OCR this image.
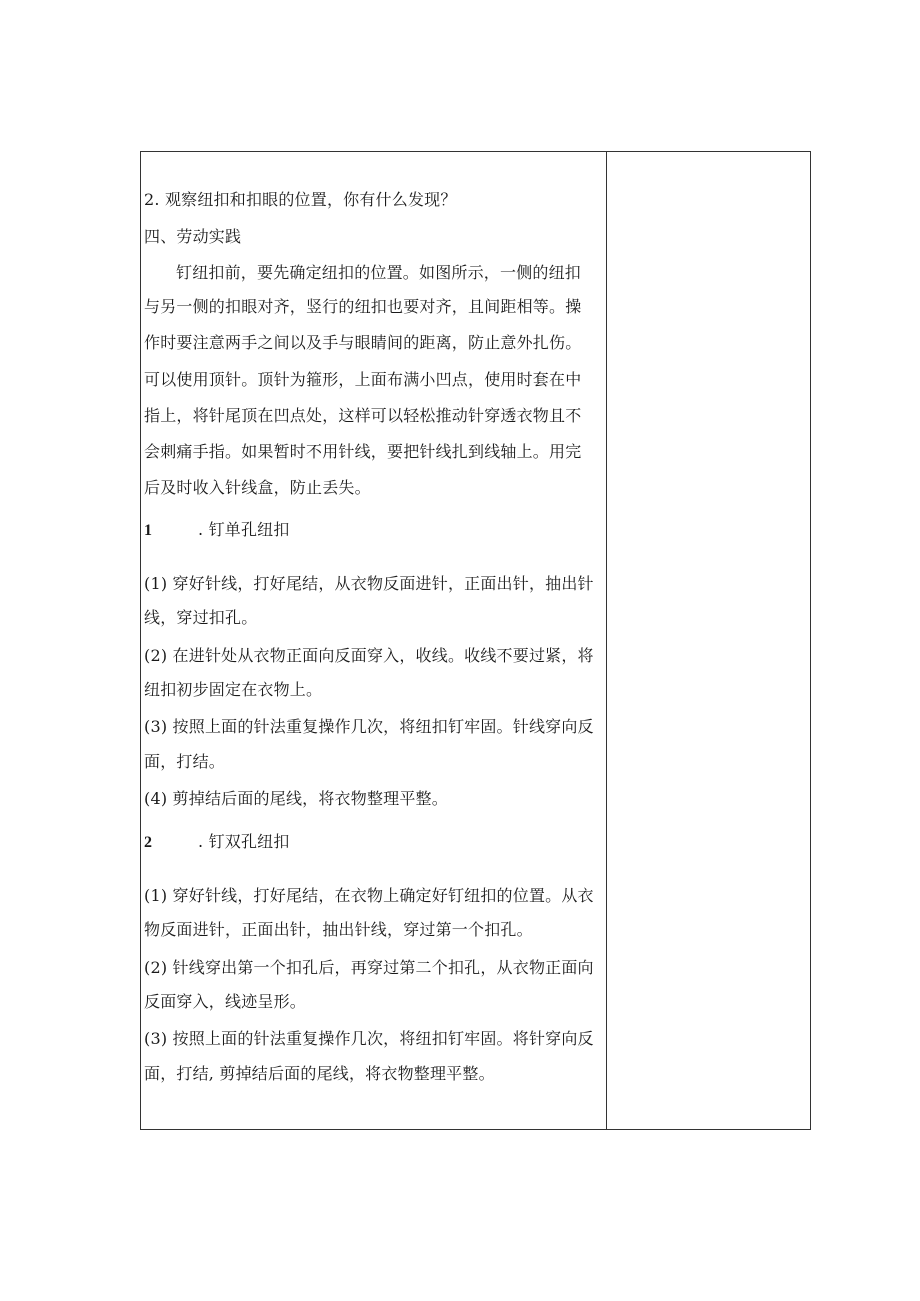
2. 观察纽扣和扣眼的位置，你有什么发现？
四、劳动实践
钉纽扣前，要先确定纽扣的位置。如图所示，一侧的纽扣
与另一侧的扣眼对齐，竖行的纽扣也要对齐，且间距相等。操
作时要注意两手之间以及手与眼睛间的距离，防止意外扎伤。
可以使用顶针。顶针为箍形，上面布满小凹点，使用时套在中
指上，将针尾顶在凹点处，这样可以轻松推动针穿透衣物且不
会刺痛手指。如果暂时不用针线，要把针线扎到线轴上。用完
后及时收入针线盒，防止丢失。
1	. 钉单孔纽扣
(1) 穿好针线，打好尾结，从衣物反面进针，正面出针，抽出针
线，穿过扣孔。
(2) 在进针处从衣物正面向反面穿入，收线。收线不要过紧，将
纽扣初步固定在衣物上。
(3) 按照上面的针法重复操作几次，将纽扣钉牢固。针线穿向反
面，打结。
(4) 剪掉结后面的尾线，将衣物整理平整。
2	. 钉双孔纽扣
(1) 穿好针线，打好尾结，在衣物上确定好钉纽扣的位置。从衣
物反面进针，正面出针，抽出针线，穿过第一个扣孔。
(2) 针线穿出第一个扣孔后，再穿过第二个扣孔，从衣物正面向
反面穿入，线迹呈形。
(3) 按照上面的针法重复操作几次，将纽扣钉牢固。将针穿向反
面，打结, 剪掉结后面的尾线，将衣物整理平整。
